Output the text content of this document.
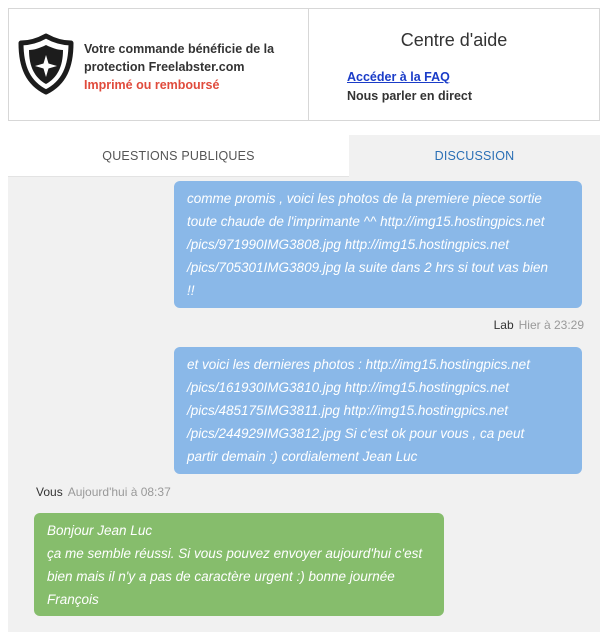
Votre commande bénéficie de la
protection Freelabster.com
Imprimé ou remboursé
Centre d'aide
Accéder à la FAQ
Nous parler en direct
QUESTIONS PUBLIQUES	DISCUSSION
comme promis , voici les photos de la premiere piece sortie
toute chaude de l'imprimante ^^ http://img15.hostingpics.net
/pics/971990IMG3808.jpg http://img15.hostingpics.net
/pics/705301IMG3809.jpg la suite dans 2 hrs si tout vas bien
!!
Lab Hier à 23:29
et voici les dernieres photos : http://img15.hostingpics.net
/pics/161930IMG3810.jpg http://img15.hostingpics.net
/pics/485175IMG3811.jpg http://img15.hostingpics.net
/pics/244929IMG3812.jpg Si c'est ok pour vous , ca peut
partir demain :) cordialement Jean Luc
Vous Aujourd'hui à 08:37
Bonjour Jean Luc
ça me semble réussi. Si vous pouvez envoyer aujourd'hui c'est
bien mais il n'y a pas de caractère urgent :) bonne journée
François
